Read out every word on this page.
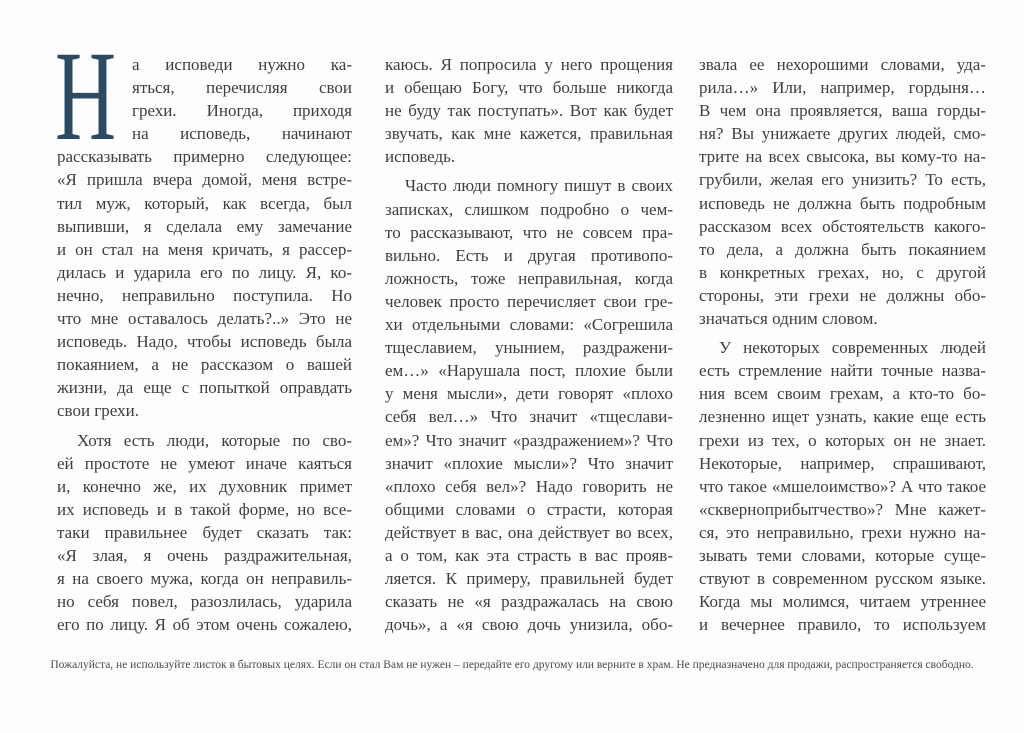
Н а исповеди нужно ка-
яться, перечисляя свои
грехи. Иногда, приходя
на исповедь, начинают
рассказывать примерно следующее:
«Я пришла вчера домой, меня встре-
тил муж, который, как всегда, был
выпивши, я сделала ему замечание
и он стал на меня кричать, я рассер-
дилась и ударила его по лицу. Я, ко-
нечно, неправильно поступила. Но
что мне оставалось делать?..» Это не
исповедь. Надо, чтобы исповедь была
покаянием, а не рассказом о вашей
жизни, да еще с попыткой оправдать
свои грехи.
Хотя есть люди, которые по сво-
ей простоте не умеют иначе каяться
и, конечно же, их духовник примет
их исповедь и в такой форме, но все-
таки правильнее будет сказать так:
«Я злая, я очень раздражительная,
я на своего мужа, когда он неправиль-
но себя повел, разозлилась, ударила
его по лицу. Я об этом очень сожалею,
каюсь. Я попросила у него прощения
и обещаю Богу, что больше никогда
не буду так поступать». Вот как будет
звучать, как мне кажется, правильная
исповедь.
Часто люди помногу пишут в своих
записках, слишком подробно о чем-
то рассказывают, что не совсем пра-
вильно. Есть и другая противопо-
ложность, тоже неправильная, когда
человек просто перечисляет свои гре-
хи отдельными словами: «Согрешила
тщеславием, унынием, раздражени-
ем…» «Нарушала пост, плохие были
у меня мысли», дети говорят «плохо
себя вел…» Что значит «тщеслави-
ем»? Что значит «раздражением»? Что
значит «плохие мысли»? Что значит
«плохо себя вел»? Надо говорить не
общими словами о страсти, которая
действует в вас, она действует во всех,
а о том, как эта страсть в вас прояв-
ляется. К примеру, правильней будет
сказать не «я раздражалась на свою
дочь», а «я свою дочь унизила, обо-
звала ее нехорошими словами, уда-
рила…» Или, например, гордыня…
В чем она проявляется, ваша горды-
ня? Вы унижаете других людей, смо-
трите на всех свысока, вы кому-то на-
грубили, желая его унизить? То есть,
исповедь не должна быть подробным
рассказом всех обстоятельств какого-
то дела, а должна быть покаянием
в конкретных грехах, но, с другой
стороны, эти грехи не должны обо-
значаться одним словом.
У некоторых современных людей
есть стремление найти точные назва-
ния всем своим грехам, а кто-то бо-
лезненно ищет узнать, какие еще есть
грехи из тех, о которых он не знает.
Некоторые, например, спрашивают,
что такое «мшелоимство»? А что такое
«скверноприбытчество»? Мне кажет-
ся, это неправильно, грехи нужно на-
зывать теми словами, которые суще-
ствуют в современном русском языке.
Когда мы молимся, читаем утреннее
и вечернее правило, то используем
Пожалуйста, не используйте листок в бытовых целях. Если он стал Вам не нужен – передайте его другому или верните в храм. Не предназначено для продажи, распространяется свободно.
